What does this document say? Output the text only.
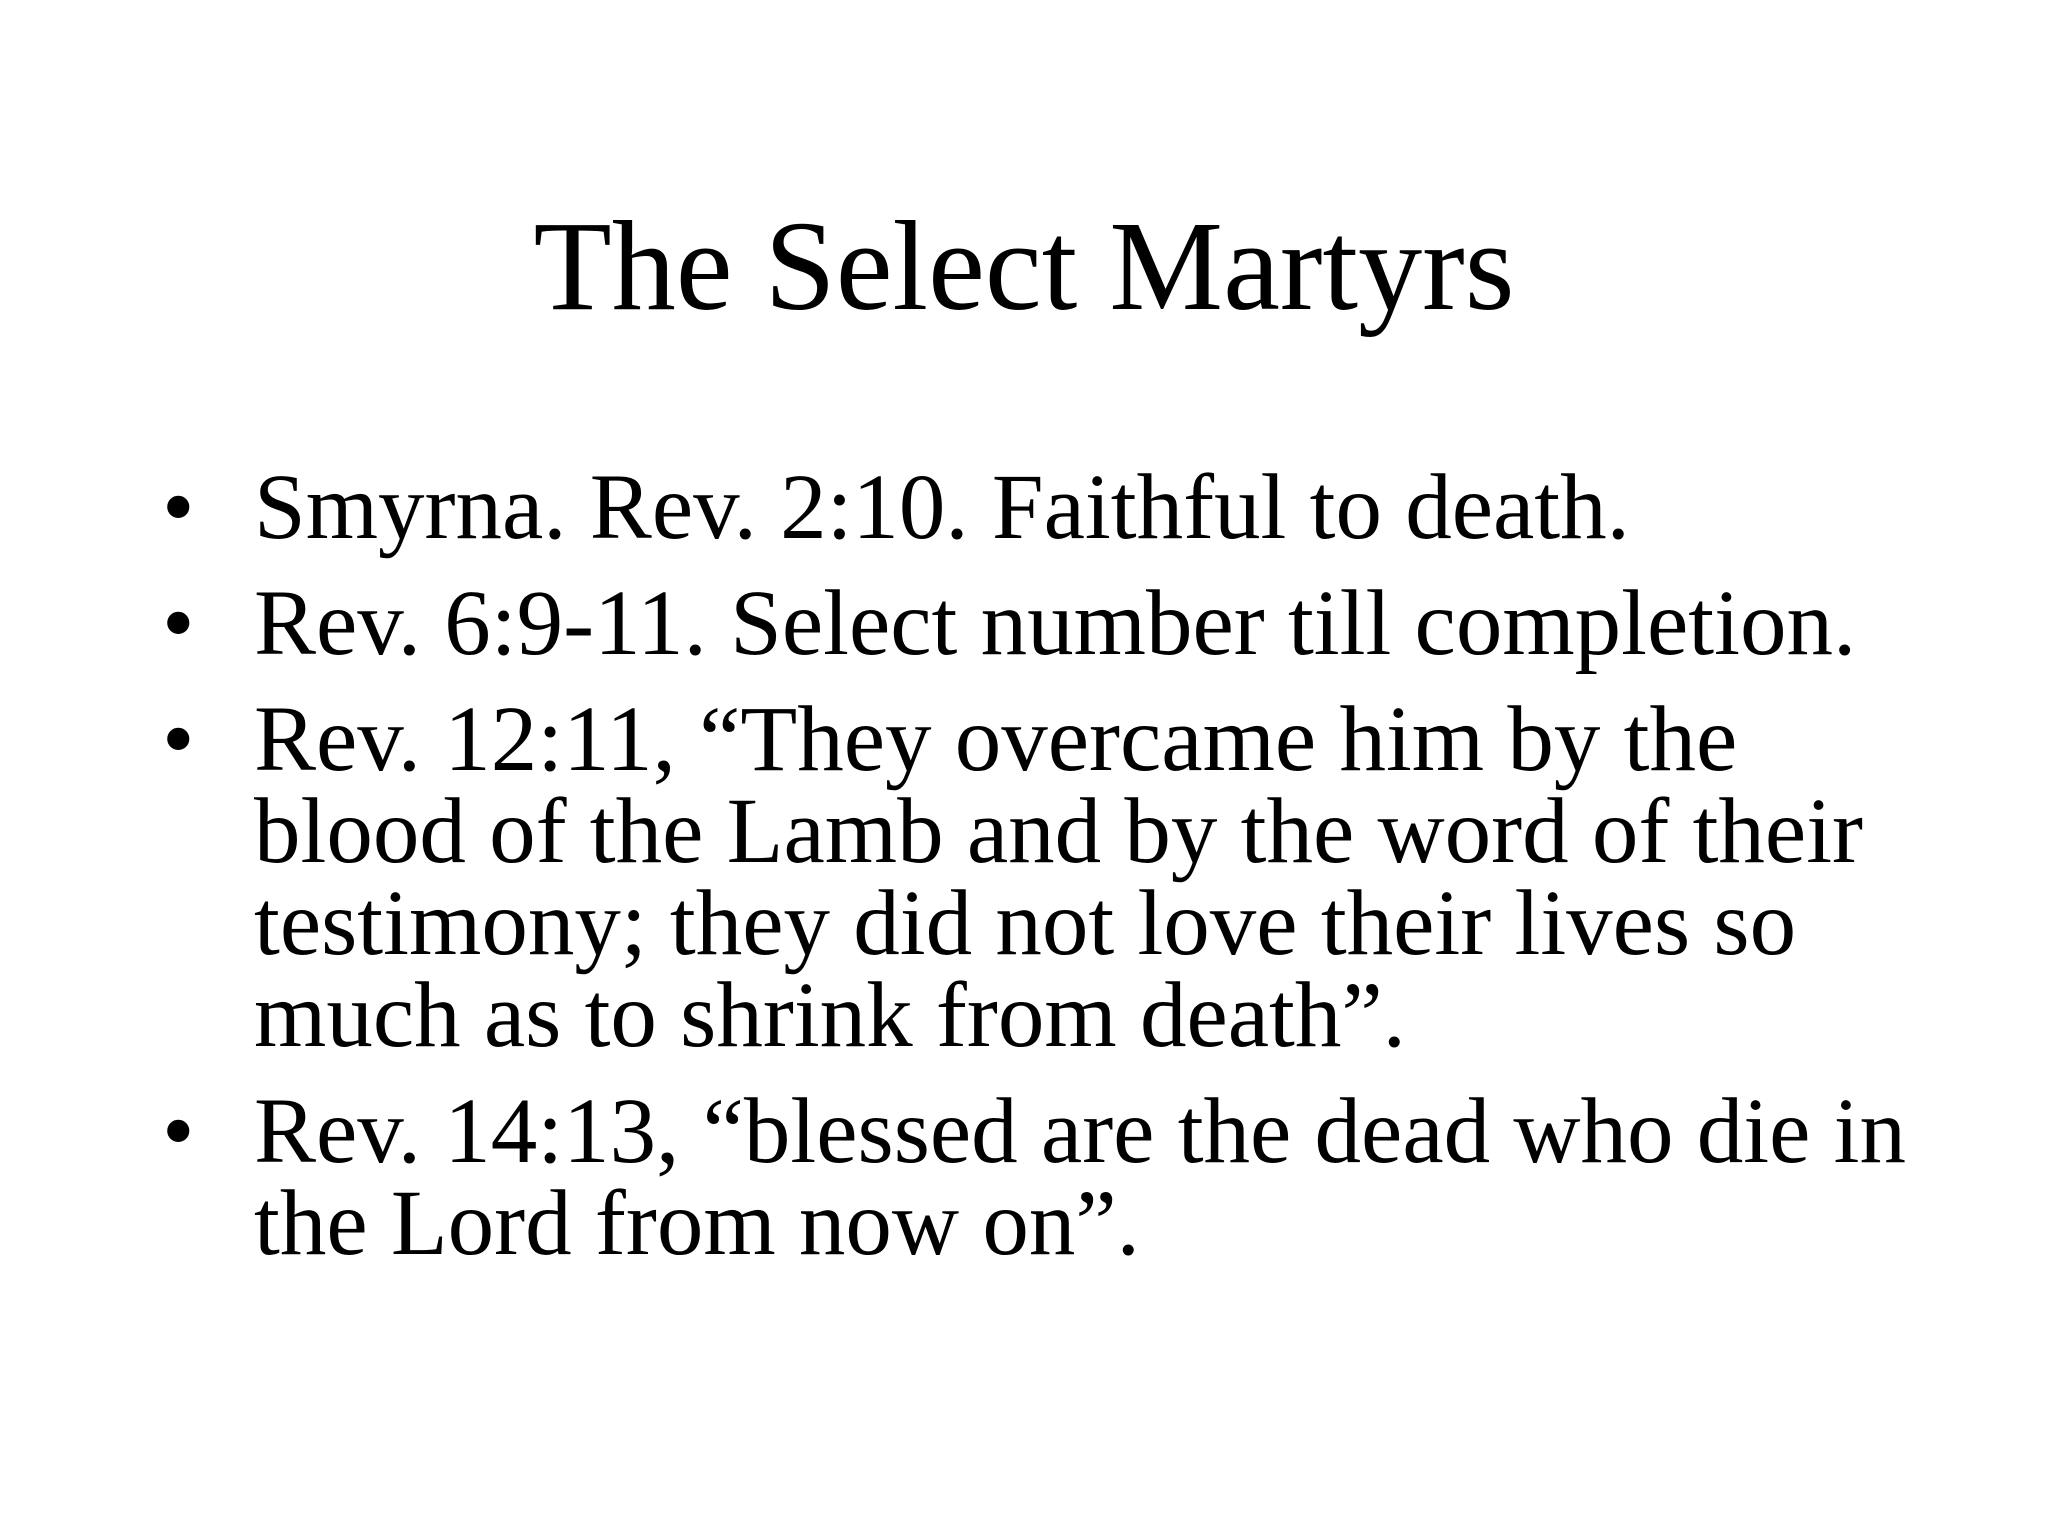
The Select Martyrs
• Smyrna. Rev. 2:10. Faithful to death.
• Rev. 6:9-11. Select number till completion.
• Rev. 12:11, “They overcame him by the blood of the Lamb and by the word of their testimony; they did not love their lives so much as to shrink from death”.
• Rev. 14:13, “blessed are the dead who die in the Lord from now on”.
